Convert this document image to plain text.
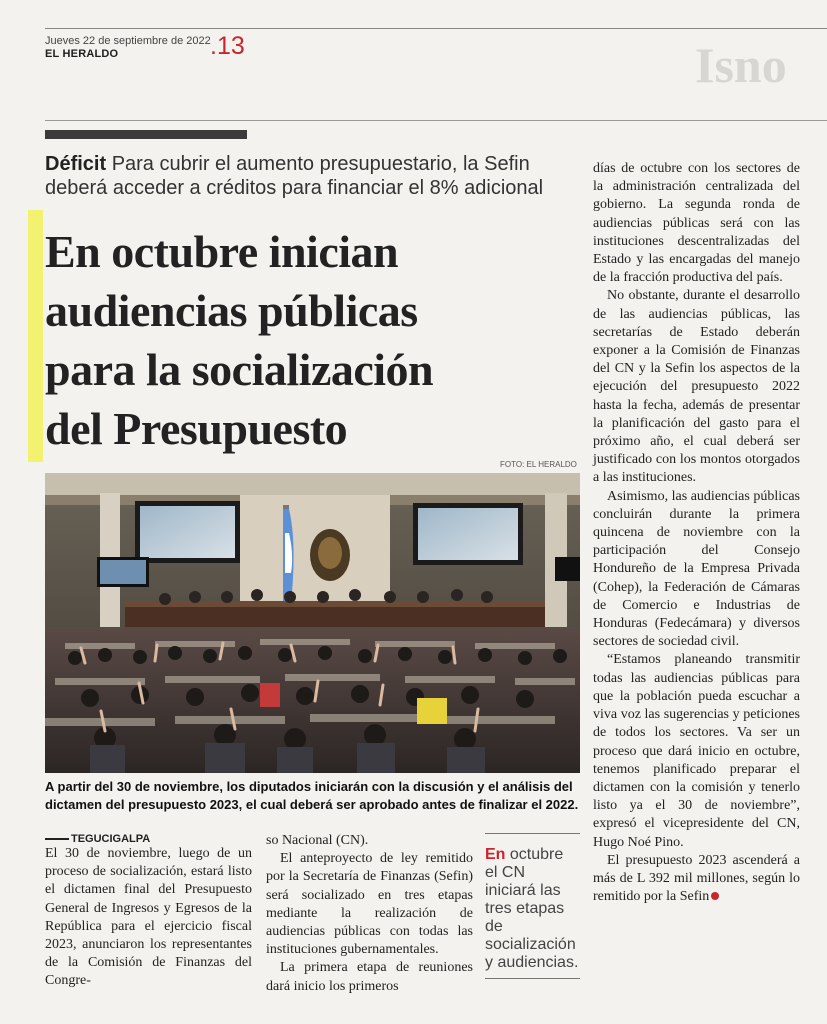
Jueves 22 de septiembre de 2022
EL HERALDO	.13	Isno
Déficit Para cubrir el aumento presupuestario, la Sefin deberá acceder a créditos para financiar el 8% adicional
En octubre inician
audiencias públicas
para la socialización
del Presupuesto
FOTO: EL HERALDO
A partir del 30 de noviembre, los diputados iniciarán con la discusión y el análisis del dictamen del presupuesto 2023, el cual deberá ser aprobado antes de finalizar el 2022.
TEGUCIGALPA
El 30 de noviembre, luego de un proceso de socialización, estará listo el dictamen final del Presupuesto General de Ingresos y Egresos de la República para el ejercicio fiscal 2023, anunciaron los representantes de la Comisión de Finanzas del Congre-
so Nacional (CN).
El anteproyecto de ley remitido por la Secretaría de Finanzas (Sefin) será socializado en tres etapas mediante la realización de audiencias públicas con todas las instituciones gubernamentales.
La primera etapa de reuniones dará inicio los primeros
En octubre el CN iniciará las tres etapas de socialización y audiencias.
días de octubre con los sectores de la administración centralizada del gobierno. La segunda ronda de audiencias públicas será con las instituciones descentralizadas del Estado y las encargadas del manejo de la fracción productiva del país.
No obstante, durante el desarrollo de las audiencias públicas, las secretarías de Estado deberán exponer a la Comisión de Finanzas del CN y la Sefin los aspectos de la ejecución del presupuesto 2022 hasta la fecha, además de presentar la planificación del gasto para el próximo año, el cual deberá ser justificado con los montos otorgados a las instituciones.
Asimismo, las audiencias públicas concluirán durante la primera quincena de noviembre con la participación del Consejo Hondureño de la Empresa Privada (Cohep), la Federación de Cámaras de Comercio e Industrias de Honduras (Fedecámara) y diversos sectores de sociedad civil.
“Estamos planeando transmitir todas las audiencias públicas para que la población pueda escuchar a viva voz las sugerencias y peticiones de todos los sectores. Va ser un proceso que dará inicio en octubre, tenemos planificado preparar el dictamen con la comisión y tenerlo listo ya el 30 de noviembre”, expresó el vicepresidente del CN, Hugo Noé Pino.
El presupuesto 2023 ascenderá a más de L 392 mil millones, según lo remitido por la Sefin
